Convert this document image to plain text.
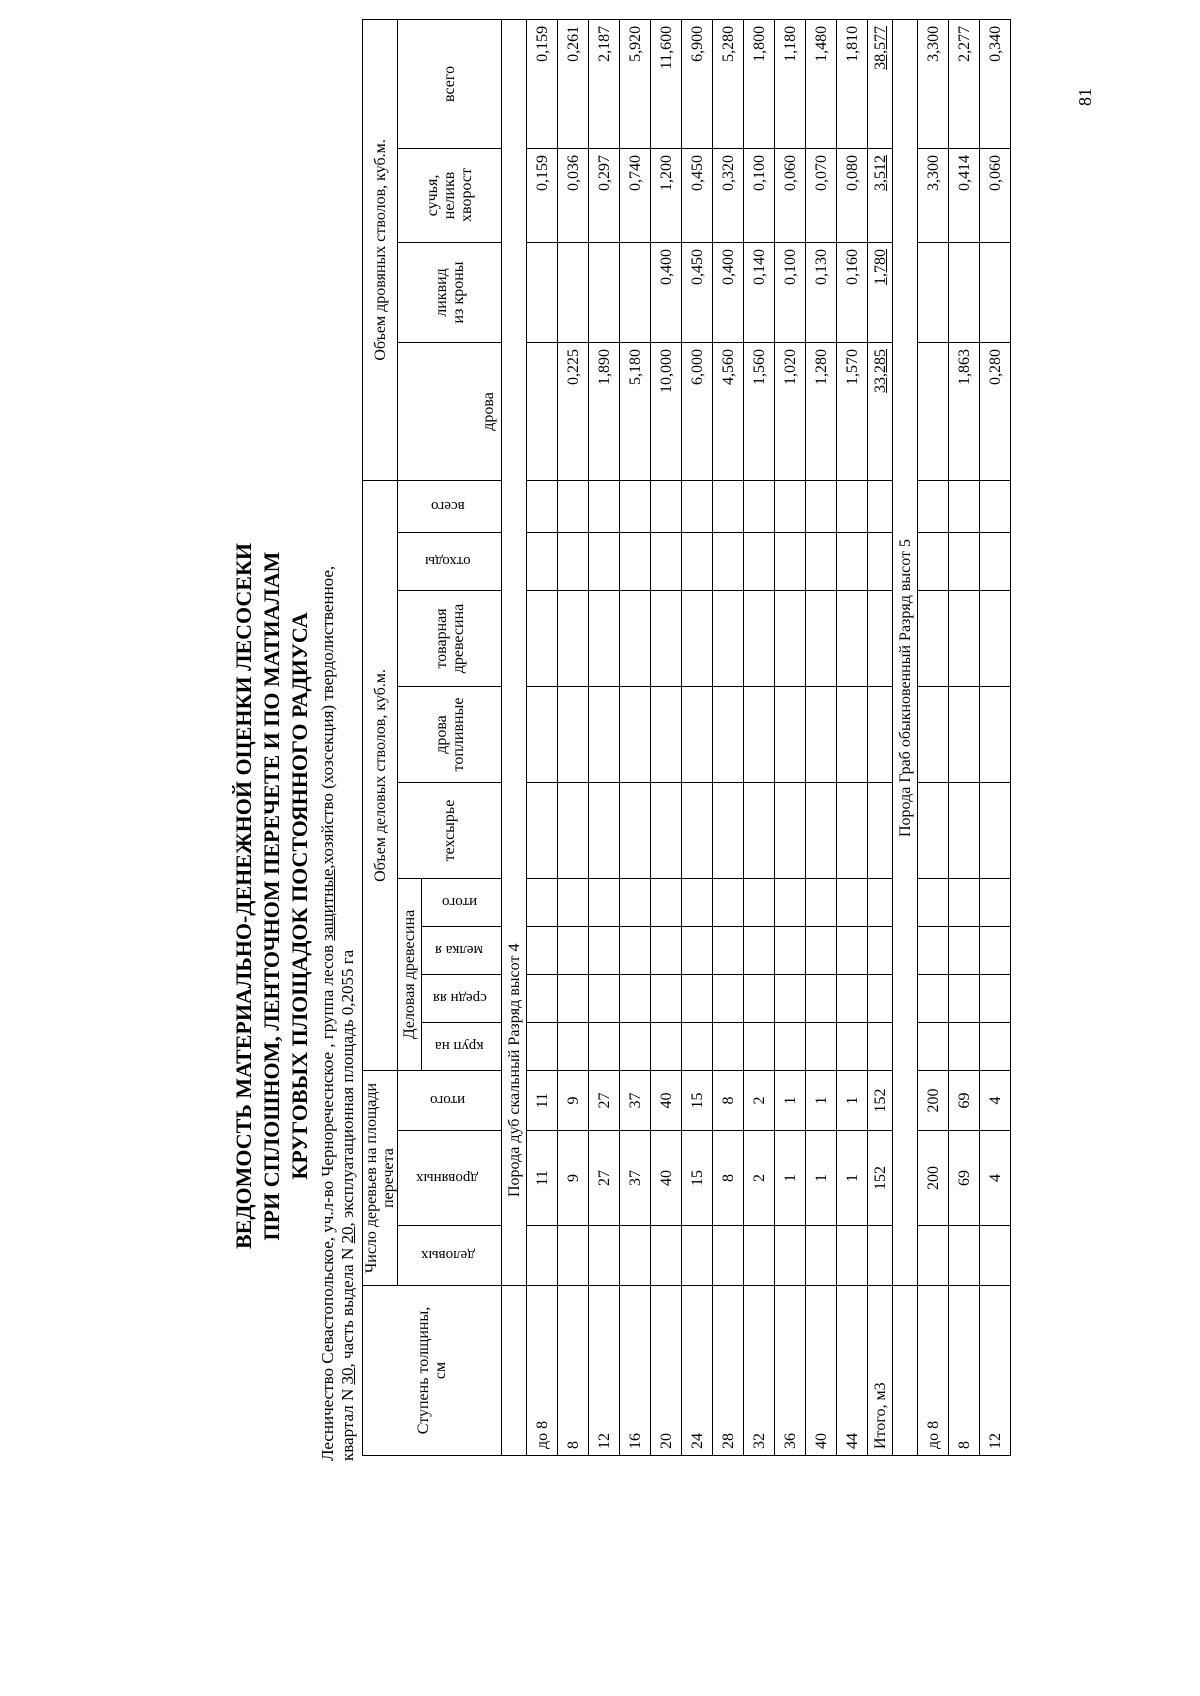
ВЕДОМОСТЬ МАТЕРИАЛЬНО-ДЕНЕЖНОЙ ОЦЕНКИ ЛЕСОСЕКИ ПРИ СПЛОШНОМ, ЛЕНТОЧНОМ ПЕРЕЧЕТЕ И ПО МАТИАЛАМ КРУГОВЫХ ПЛОЩАДОК ПОСТОЯННОГО РАДИУСА
Лесничество Севастопольское, уч.л-во Черноречеснское , группа лесов защитные,хозяйство (хозсекция) твердолиственное,
квартал N 30, часть выдела N 20, эксплуатационная площадь 0,2055 га
Ступень толщины, см	Число деревьев на площади перечета			Объем деловых стволов, куб.м.									Объем дровяных стволов, куб.м.			
	деловых	дровяных	итого	Деловая древесина				техсырье	дрова топливные	товарная древесина	отходы	всего	дрова	ликвид из кроны	сучья, неликв хворост	всего
				круп на	средн яя	мелка я	итого									
	Порода дуб скальный Разряд высот 4															
до 8		11	11												0,159	0,159
8		9	9										0,225		0,036	0,261
12		27	27										1,890		0,297	2,187
16		37	37										5,180		0,740	5,920
20		40	40										10,000	0,400	1,200	11,600
24		15	15										6,000	0,450	0,450	6,900
28		8	8										4,560	0,400	0,320	5,280
32		2	2										1,560	0,140	0,100	1,800
36		1	1										1,020	0,100	0,060	1,180
40		1	1										1,280	0,130	0,070	1,480
44		1	1										1,570	0,160	0,080	1,810
Итого, м3		152	152										33,285	1,780	3,512	38,577
	Порода Граб обыкновенный Разряд высот 5															
до 8		200	200												3,300	3,300
8		69	69										1,863		0,414	2,277
12		4	4										0,280		0,060	0,340
81
